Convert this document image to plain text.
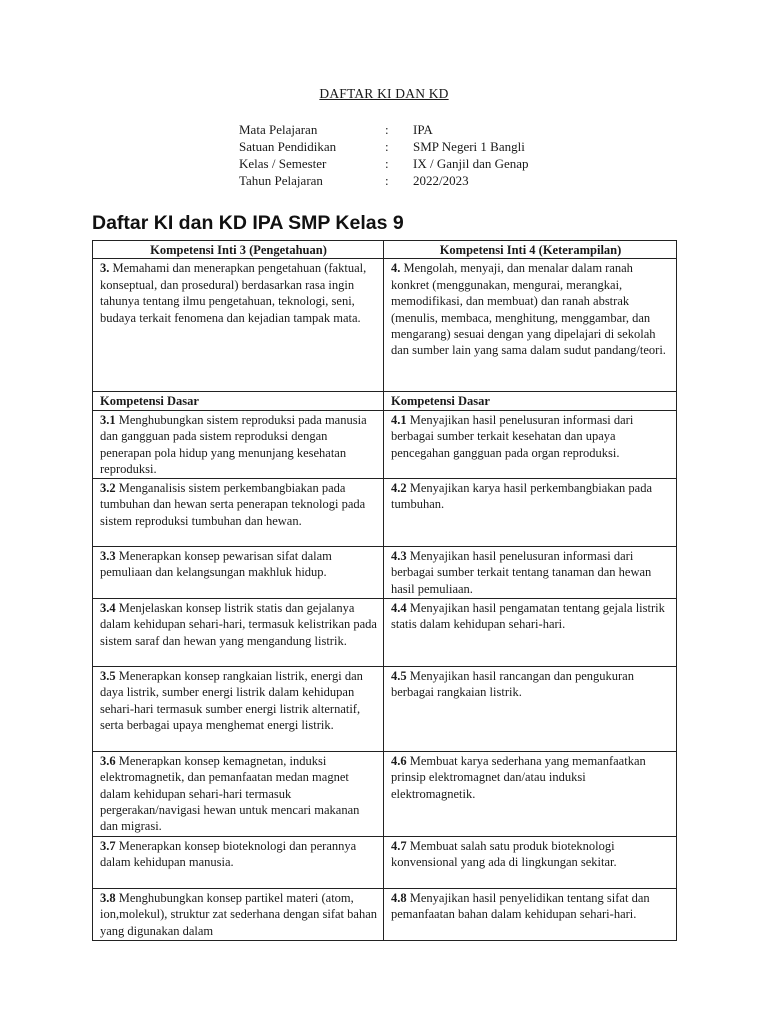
DAFTAR KI DAN KD
Mata Pelajaran	: IPA
Satuan Pendidikan	: SMP Negeri 1 Bangli
Kelas / Semester	: IX / Ganjil dan Genap
Tahun Pelajaran	: 2022/2023
Daftar KI dan KD IPA SMP Kelas 9
Kompetensi Inti 3 (Pengetahuan)	Kompetensi Inti 4 (Keterampilan)
3. Memahami dan menerapkan pengetahuan (faktual, konseptual, dan prosedural) berdasarkan rasa ingin tahunya tentang ilmu pengetahuan, teknologi, seni, budaya terkait fenomena dan kejadian tampak mata.	4. Mengolah, menyaji, dan menalar dalam ranah konkret (menggunakan, mengurai, merangkai, memodifikasi, dan membuat) dan ranah abstrak (menulis, membaca, menghitung, menggambar, dan mengarang) sesuai dengan yang dipelajari di sekolah dan sumber lain yang sama dalam sudut pandang/teori.
Kompetensi Dasar	Kompetensi Dasar
3.1 Menghubungkan sistem reproduksi pada manusia dan gangguan pada sistem reproduksi dengan penerapan pola hidup yang menunjang kesehatan reproduksi.	4.1 Menyajikan hasil penelusuran informasi dari berbagai sumber terkait kesehatan dan upaya pencegahan gangguan pada organ reproduksi.
3.2 Menganalisis sistem perkembangbiakan pada tumbuhan dan hewan serta penerapan teknologi pada sistem reproduksi tumbuhan dan hewan.	4.2 Menyajikan karya hasil perkembangbiakan pada tumbuhan.
3.3 Menerapkan konsep pewarisan sifat dalam pemuliaan dan kelangsungan makhluk hidup.	4.3 Menyajikan hasil penelusuran informasi dari berbagai sumber terkait tentang tanaman dan hewan hasil pemuliaan.
3.4 Menjelaskan konsep listrik statis dan gejalanya dalam kehidupan sehari-hari, termasuk kelistrikan pada sistem saraf dan hewan yang mengandung listrik.	4.4 Menyajikan hasil pengamatan tentang gejala listrik statis dalam kehidupan sehari-hari.
3.5 Menerapkan konsep rangkaian listrik, energi dan daya listrik, sumber energi listrik dalam kehidupan sehari-hari termasuk sumber energi listrik alternatif, serta berbagai upaya menghemat energi listrik.	4.5 Menyajikan hasil rancangan dan pengukuran berbagai rangkaian listrik.
3.6 Menerapkan konsep kemagnetan, induksi elektromagnetik, dan pemanfaatan medan magnet dalam kehidupan sehari-hari termasuk pergerakan/navigasi hewan untuk mencari makanan dan migrasi.	4.6 Membuat karya sederhana yang memanfaatkan prinsip elektromagnet dan/atau induksi elektromagnetik.
3.7 Menerapkan konsep bioteknologi dan perannya dalam kehidupan manusia.	4.7 Membuat salah satu produk bioteknologi konvensional yang ada di lingkungan sekitar.
3.8 Menghubungkan konsep partikel materi (atom, ion,molekul), struktur zat sederhana dengan sifat bahan yang digunakan dalam	4.8 Menyajikan hasil penyelidikan tentang sifat dan pemanfaatan bahan dalam kehidupan sehari-hari.
